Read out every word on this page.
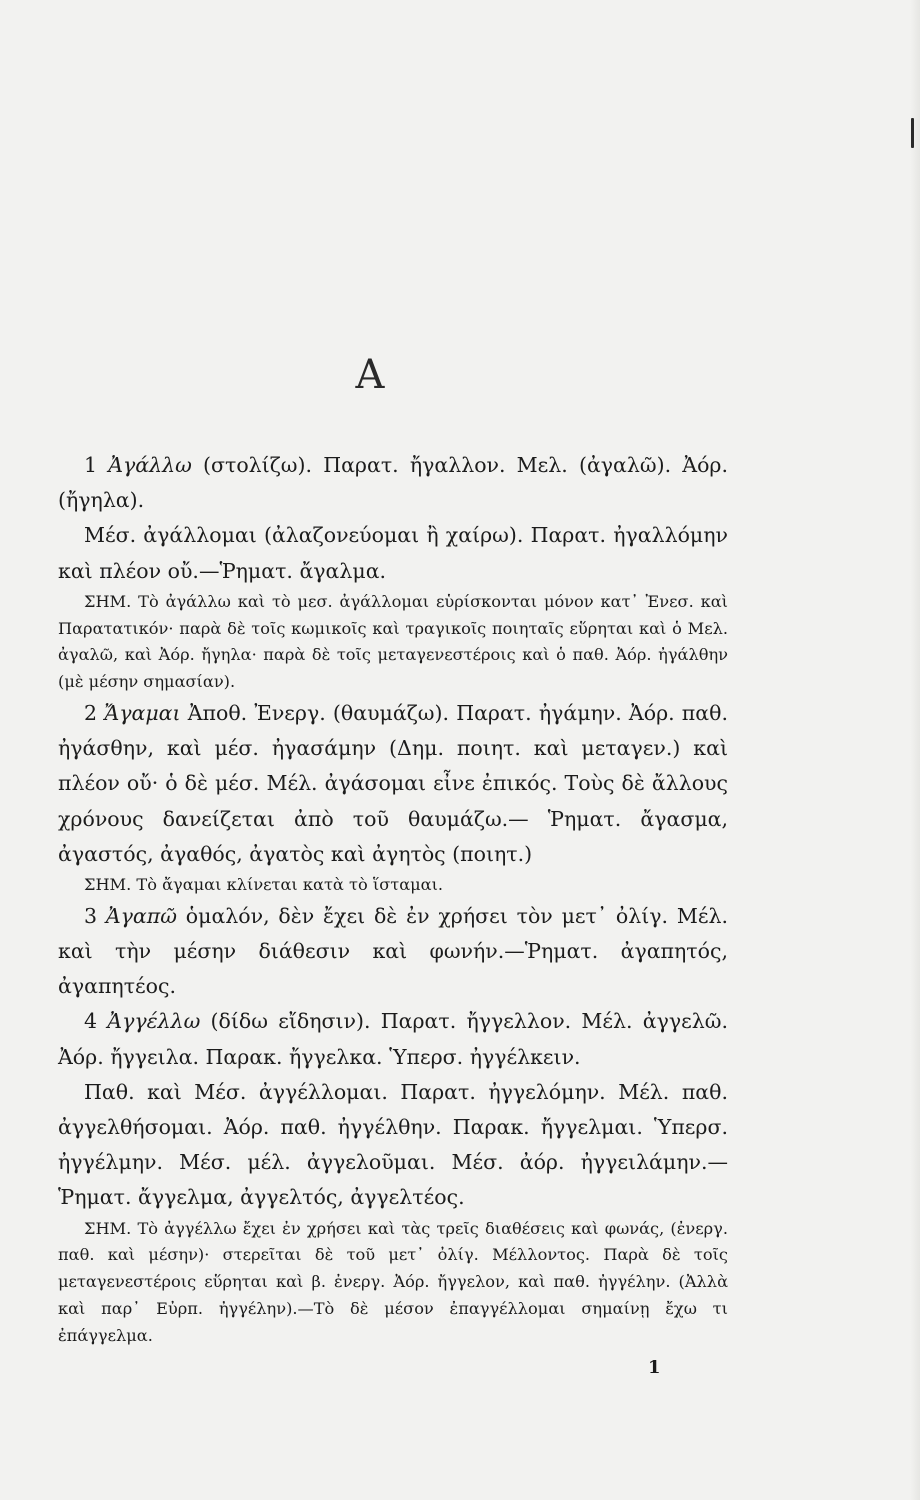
Α

1 Ἀγάλλω (στολίζω). Παρατ. ἤγαλλον. Μελ. (ἀγαλῶ). Ἀόρ. (ἤγηλα).

Μέσ. ἀγάλλομαι (ἀλαζονεύομαι ἢ χαίρω). Παρατ. ἠγαλλόμην καὶ πλέον οὔ.—Ῥηματ. ἄγαλμα.

ΣΗΜ. Τὸ ἀγάλλω καὶ τὸ μεσ. ἀγάλλομαι εὑρίσκονται μόνον κατ᾽ Ἐνεσ. καὶ Παρατατικόν· παρὰ δὲ τοῖς κωμικοῖς καὶ τραγικοῖς ποιηταῖς εὕρηται καὶ ὁ Μελ. ἀγαλῶ, καὶ Ἀόρ. ἤγηλα· παρὰ δὲ τοῖς μεταγενεστέροις καὶ ὁ παθ. Ἀόρ. ἠγάλθην (μὲ μέσην σημασίαν).

2 Ἄγαμαι Ἀποθ. Ἐνεργ. (θαυμάζω). Παρατ. ἠγάμην. Ἀόρ. παθ. ἠγάσθην, καὶ μέσ. ἠγασάμην (Δημ. ποιητ. καὶ μεταγεν.) καὶ πλέον οὔ· ὁ δὲ μέσ. Μέλ. ἀγάσομαι εἶνε ἐπικός. Τοὺς δὲ ἄλλους χρόνους δανείζεται ἀπὸ τοῦ θαυμάζω.— Ῥηματ. ἄγασμα, ἀγαστός, ἀγαθός, ἀγατὸς καὶ ἀγητὸς (ποιητ.)

ΣΗΜ. Τὸ ἄγαμαι κλίνεται κατὰ τὸ ἵσταμαι.

3 Ἀγαπῶ ὁμαλόν, δὲν ἔχει δὲ ἐν χρήσει τὸν μετ᾽ ὀλίγ. Μέλ. καὶ τὴν μέσην διάθεσιν καὶ φωνήν.—Ῥηματ. ἀγαπητός, ἀγαπητέος.

4 Ἀγγέλλω (δίδω εἴδησιν). Παρατ. ἤγγελλον. Μέλ. ἀγγελῶ. Ἀόρ. ἤγγειλα. Παρακ. ἤγγελκα. Ὑπερσ. ἠγγέλκειν.

Παθ. καὶ Μέσ. ἀγγέλλομαι. Παρατ. ἠγγελόμην. Μέλ. παθ. ἀγγελθήσομαι. Ἀόρ. παθ. ἠγγέλθην. Παρακ. ἤγγελμαι. Ὑπερσ. ἠγγέλμην. Μέσ. μέλ. ἀγγελοῦμαι. Μέσ. ἀόρ. ἠγγειλάμην.— Ῥηματ. ἄγγελμα, ἀγγελτός, ἀγγελτέος.

ΣΗΜ. Τὸ ἀγγέλλω ἔχει ἐν χρήσει καὶ τὰς τρεῖς διαθέσεις καὶ φωνάς, (ἐνεργ. παθ. καὶ μέσην)· στερεῖται δὲ τοῦ μετ᾽ ὀλίγ. Μέλλοντος. Παρὰ δὲ τοῖς μεταγενεστέροις εὕρηται καὶ β. ἐνεργ. Ἀόρ. ἤγγελον, καὶ παθ. ἠγγέλην. (Ἀλλὰ καὶ παρ᾽ Εὐρπ. ἠγγέλην).—Τὸ δὲ μέσον ἐπαγγέλλομαι σημαίνῃ ἔχω τι ἐπάγγελμα.

1
